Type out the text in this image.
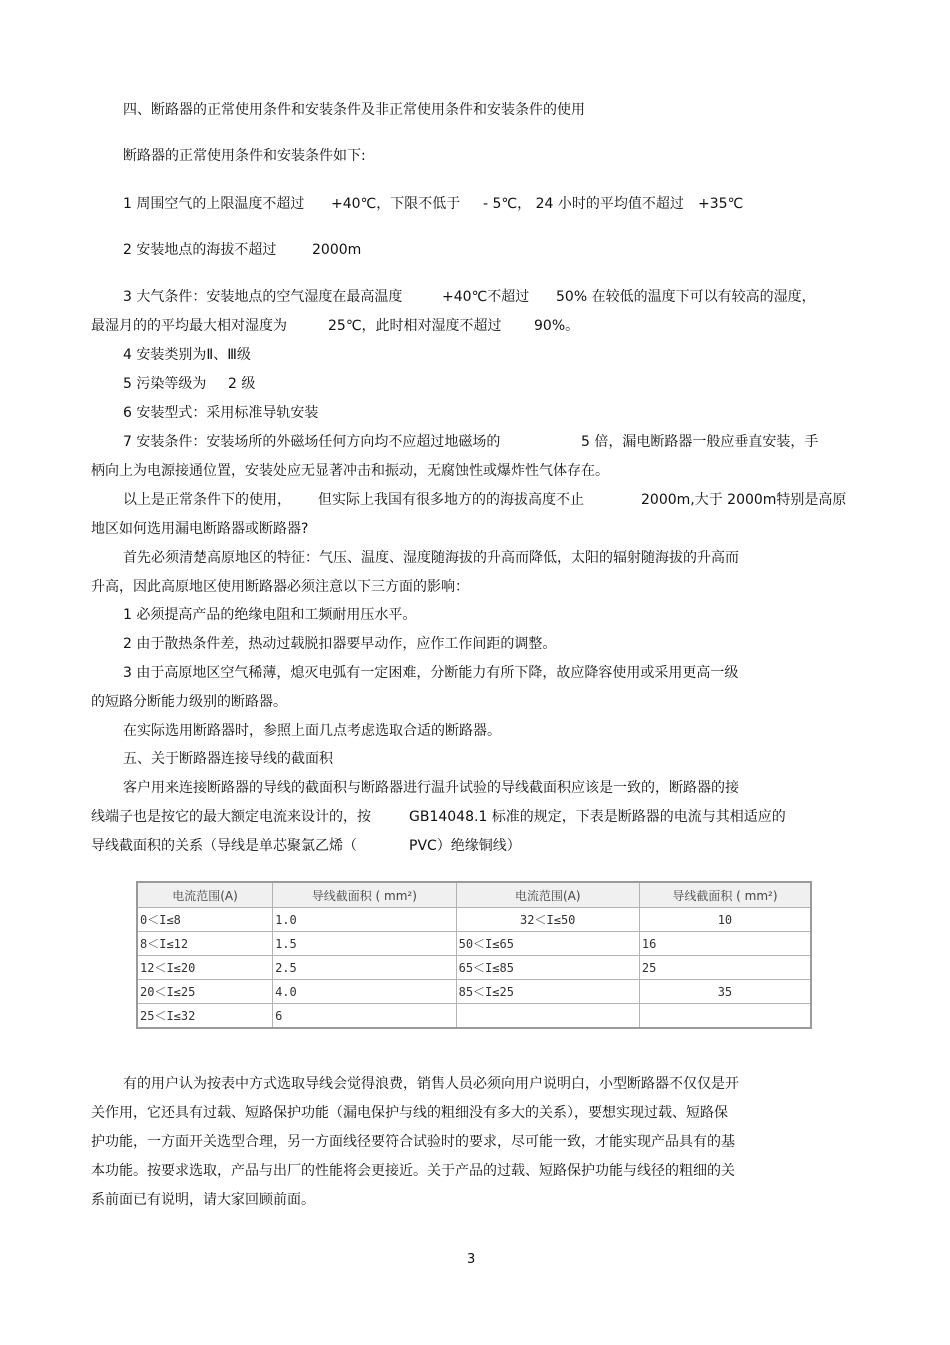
四、断路器的正常使用条件和安装条件及非正常使用条件和安装条件的使用
断路器的正常使用条件和安装条件如下:
1 周围空气的上限温度不超过 +40℃，下限不低于 - 5℃， 24 小时的平均值不超过 +35℃
2 安装地点的海拔不超过	2000m
3 大气条件：安装地点的空气湿度在最高温度	+40℃不超过 50% 在较低的温度下可以有较高的湿度，
最湿月的的平均最大相对湿度为	25℃，此时相对湿度不超过 90%。
4 安装类别为Ⅱ、Ⅲ级
5 污染等级为 2 级
6 安装型式：采用标准导轨安装
7 安装条件：安装场所的外磁场任何方向均不应超过地磁场的	5 倍，漏电断路器一般应垂直安装，手
柄向上为电源接通位置，安装处应无显著冲击和振动，无腐蚀性或爆炸性气体存在。
以上是正常条件下的使用， 但实际上我国有很多地方的的海拔高度不止	2000m,大于 2000m特别是高原
地区如何选用漏电断路器或断路器?
首先必须清楚高原地区的特征：气压、温度、湿度随海拔的升高而降低，太阳的辐射随海拔的升高而
升高，因此高原地区使用断路器必须注意以下三方面的影响：
1 必须提高产品的绝缘电阻和工频耐用压水平。
2 由于散热条件差，热动过载脱扣器要早动作，应作工作间距的调整。
3 由于高原地区空气稀薄，熄灭电弧有一定困难，分断能力有所下降，故应降容使用或采用更高一级
的短路分断能力级别的断路器。
在实际选用断路器时，参照上面几点考虑选取合适的断路器。
五、关于断路器连接导线的截面积
客户用来连接断路器的导线的截面积与断路器进行温升试验的导线截面积应该是一致的，断路器的接
线端子也是按它的最大额定电流来设计的，按	GB14048.1 标准的规定，下表是断路器的电流与其相适应的
导线截面积的关系（导线是单芯聚氯乙烯（	PVC）绝缘铜线）
电流范围(A)	导线截面积 ( mm²)	电流范围(A)	导线截面积 ( mm²)
0＜I≤8	1.0	32＜I≤50	10
8＜I≤12	1.5	50＜I≤65	16
12＜I≤20	2.5	65＜I≤85	25
20＜I≤25	4.0	85＜I≤25	35
25＜I≤32	6		
有的用户认为按表中方式选取导线会觉得浪费，销售人员必须向用户说明白，小型断路器不仅仅是开
关作用，它还具有过载、短路保护功能（漏电保护与线的粗细没有多大的关系），要想实现过载、短路保
护功能，一方面开关选型合理，另一方面线径要符合试验时的要求，尽可能一致，才能实现产品具有的基
本功能。按要求选取，产品与出厂的性能将会更接近。关于产品的过载、短路保护功能与线径的粗细的关
系前面已有说明，请大家回顾前面。
3
